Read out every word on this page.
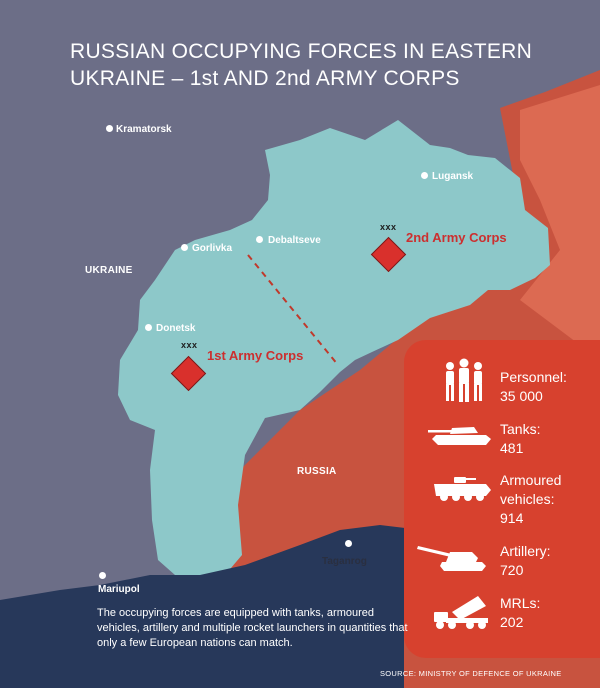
RUSSIAN OCCUPYING FORCES IN EASTERN
UKRAINE – 1st AND 2nd ARMY CORPS
Kramatorsk
Lugansk
Gorlivka
Debaltseve
Donetsk
Taganrog
Mariupol
UKRAINE
RUSSIA
xxx
2nd Army Corps
xxx
1st Army Corps
Personnel:
35 000
Tanks:
481
Armoured
vehicles:
914
Artillery:
720
MRLs:
202
The occupying forces are equipped with tanks, armoured vehicles, artillery and multiple rocket launchers in quantities that only a few European nations can match.
SOURCE: MINISTRY OF DEFENCE OF UKRAINE
